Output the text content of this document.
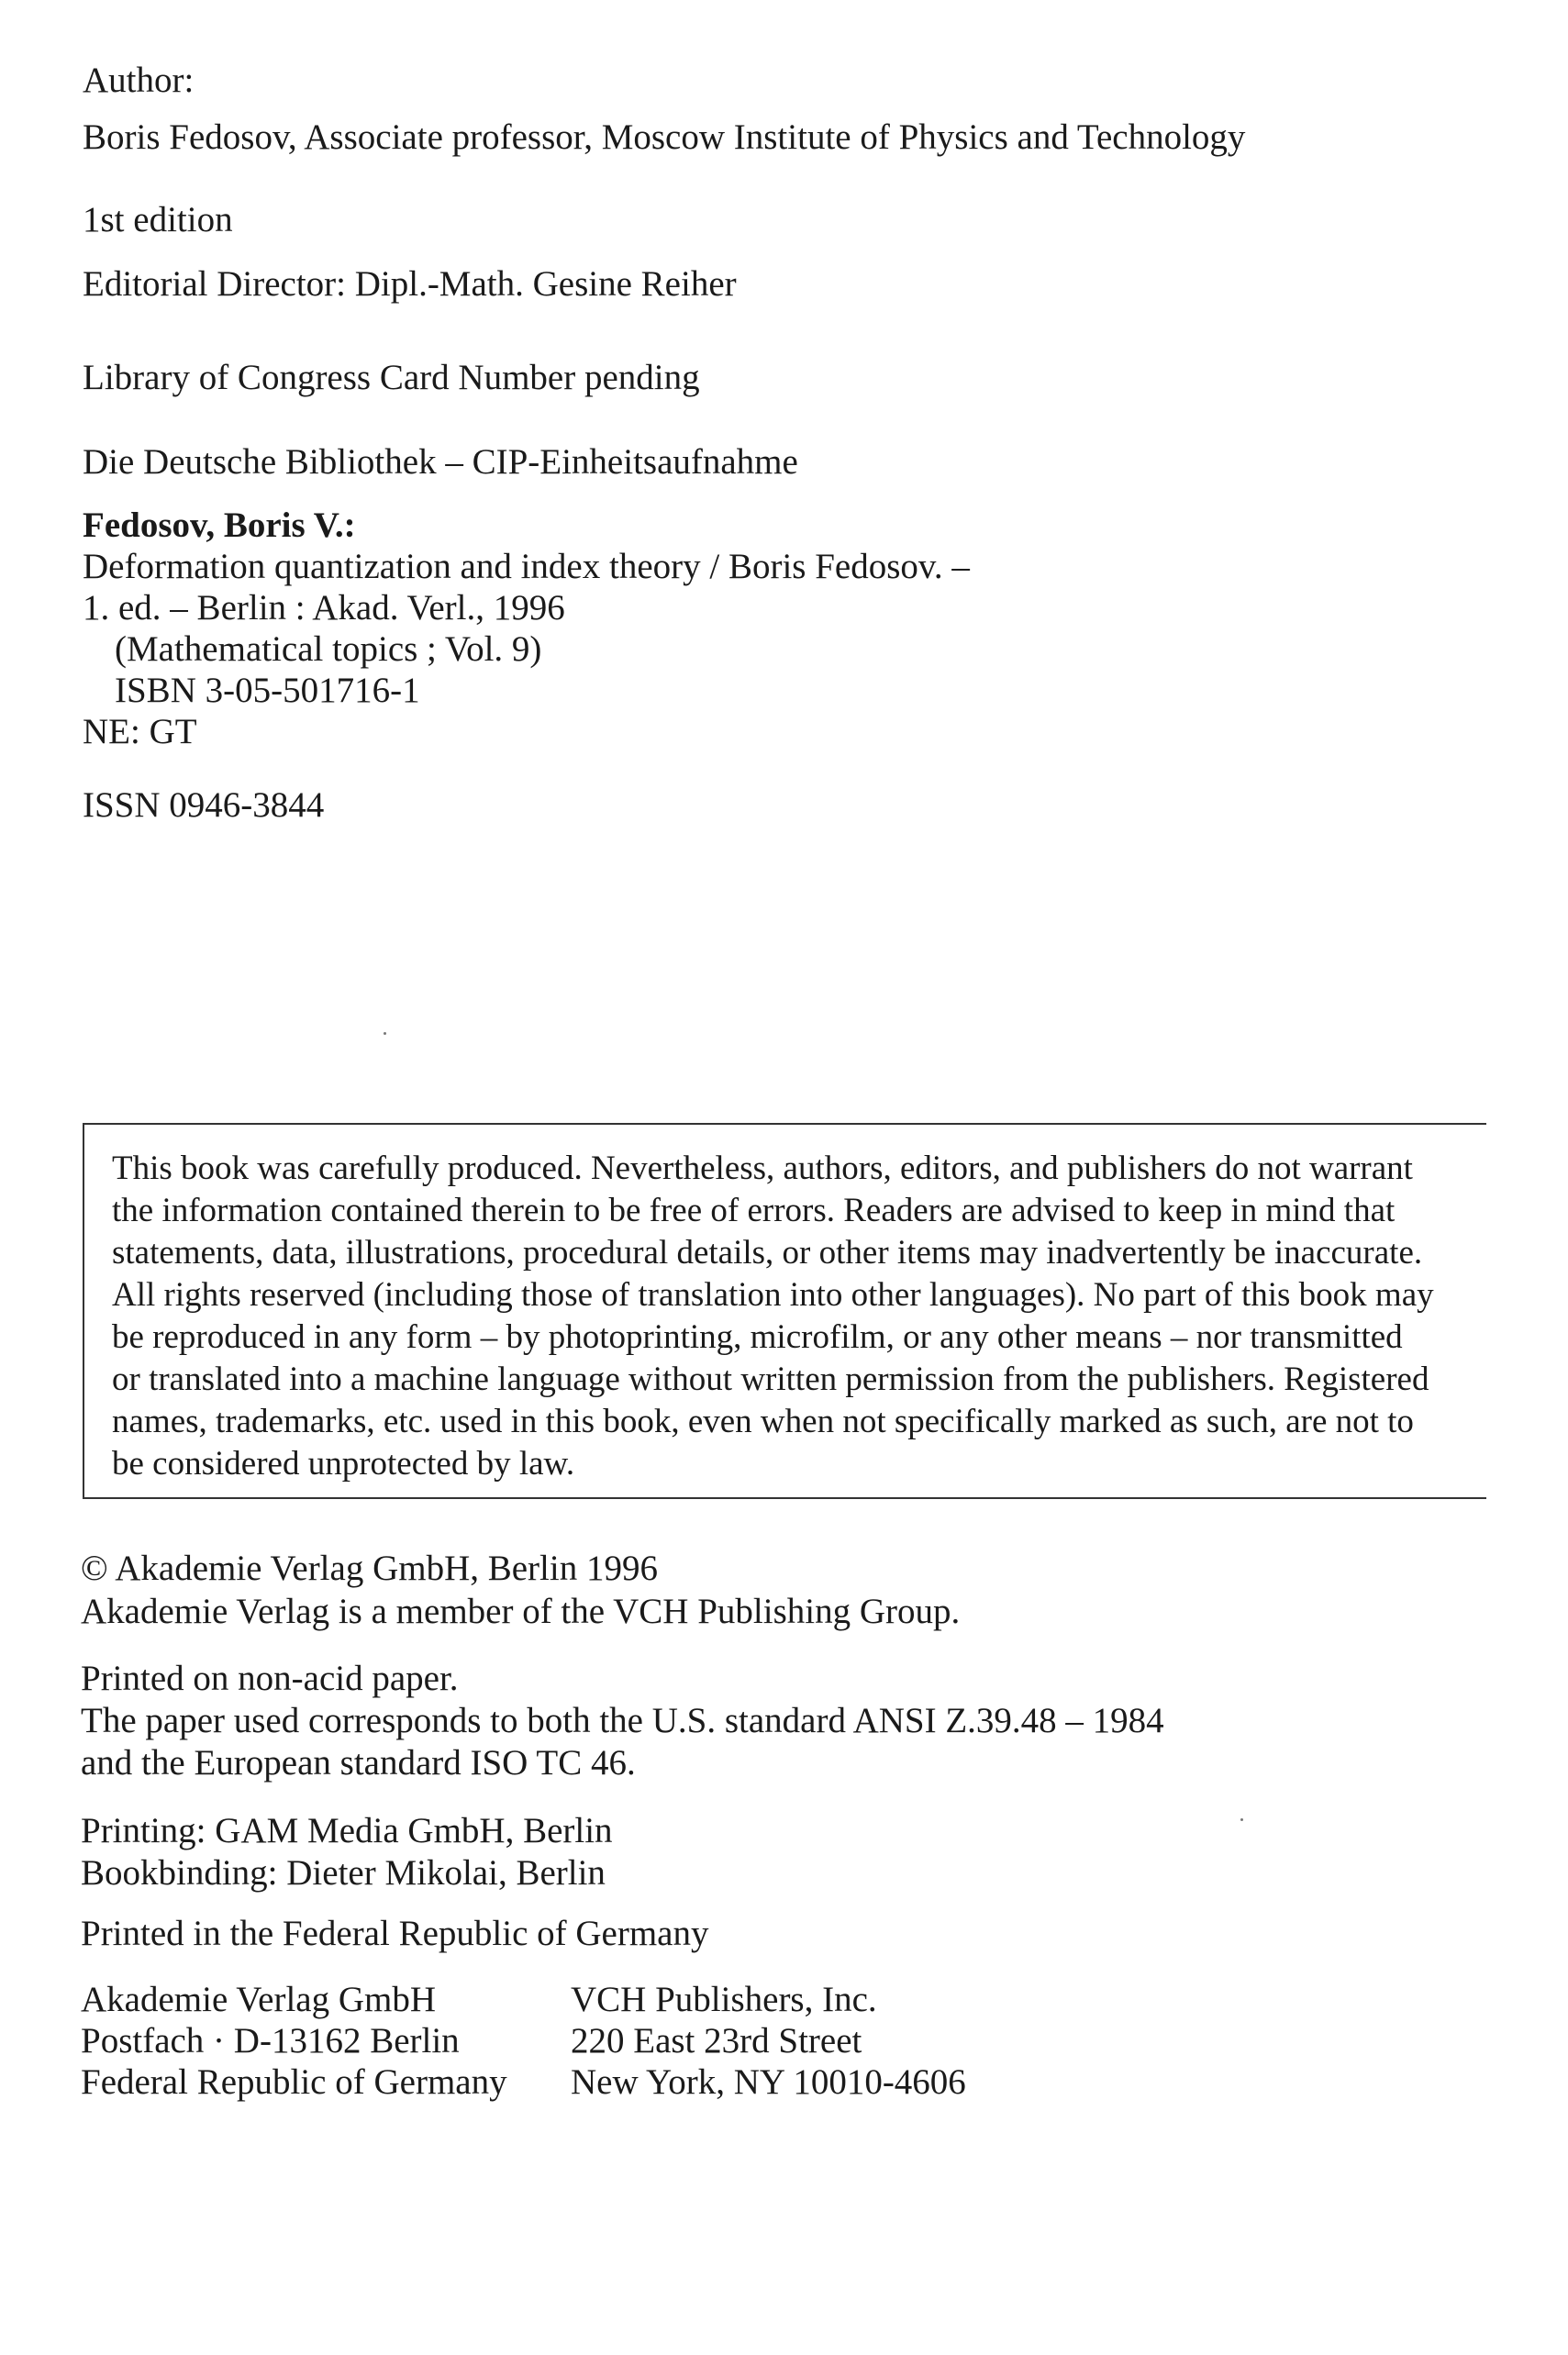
Author:
Boris Fedosov, Associate professor, Moscow Institute of Physics and Technology
1st edition
Editorial Director: Dipl.-Math. Gesine Reiher
Library of Congress Card Number pending
Die Deutsche Bibliothek – CIP-Einheitsaufnahme
Fedosov, Boris V.:
Deformation quantization and index theory / Boris Fedosov. –
1. ed. – Berlin : Akad. Verl., 1996
(Mathematical topics ; Vol. 9)
ISBN 3-05-501716-1
NE: GT
ISSN 0946-3844
This book was carefully produced. Nevertheless, authors, editors, and publishers do not warrant
the information contained therein to be free of errors. Readers are advised to keep in mind that
statements, data, illustrations, procedural details, or other items may inadvertently be inaccurate.
All rights reserved (including those of translation into other languages). No part of this book may
be reproduced in any form – by photoprinting, microfilm, or any other means – nor transmitted
or translated into a machine language without written permission from the publishers. Registered
names, trademarks, etc. used in this book, even when not specifically marked as such, are not to
be considered unprotected by law.
© Akademie Verlag GmbH, Berlin 1996
Akademie Verlag is a member of the VCH Publishing Group.
Printed on non-acid paper.
The paper used corresponds to both the U.S. standard ANSI Z.39.48 – 1984
and the European standard ISO TC 46.
Printing: GAM Media GmbH, Berlin
Bookbinding: Dieter Mikolai, Berlin
Printed in the Federal Republic of Germany
Akademie Verlag GmbH
Postfach · D-13162 Berlin
Federal Republic of Germany
VCH Publishers, Inc.
220 East 23rd Street
New York, NY 10010-4606
